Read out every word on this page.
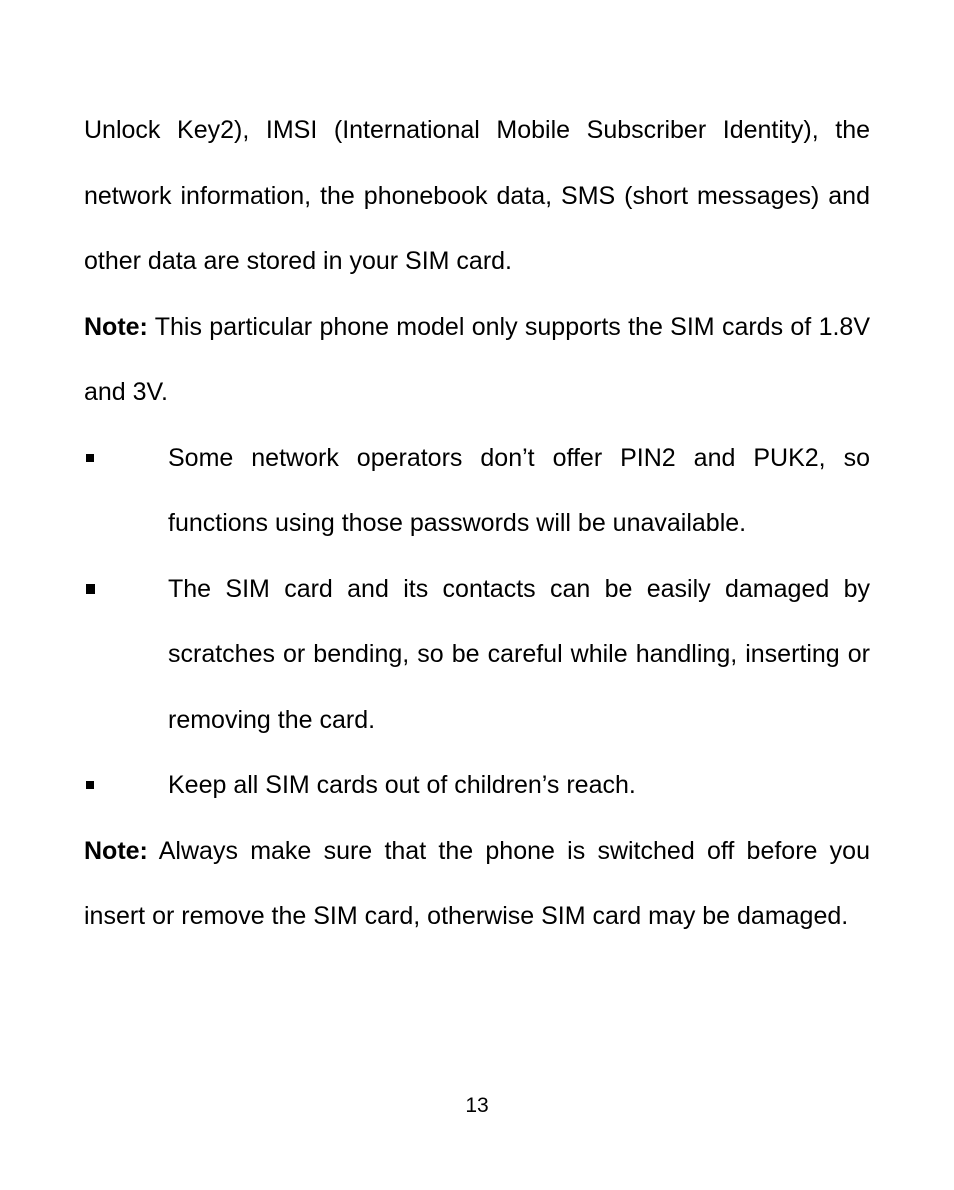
Unlock Key2), IMSI (International Mobile Subscriber Identity), the network information, the phonebook data, SMS (short messages) and other data are stored in your SIM card.

Note: This particular phone model only supports the SIM cards of 1.8V and 3V.

Some network operators don’t offer PIN2 and PUK2, so functions using those passwords will be unavailable.
The SIM card and its contacts can be easily damaged by scratches or bending, so be careful while handling, inserting or removing the card.
Keep all SIM cards out of children’s reach.

Note: Always make sure that the phone is switched off before you insert or remove the SIM card, otherwise SIM card may be damaged.

13
